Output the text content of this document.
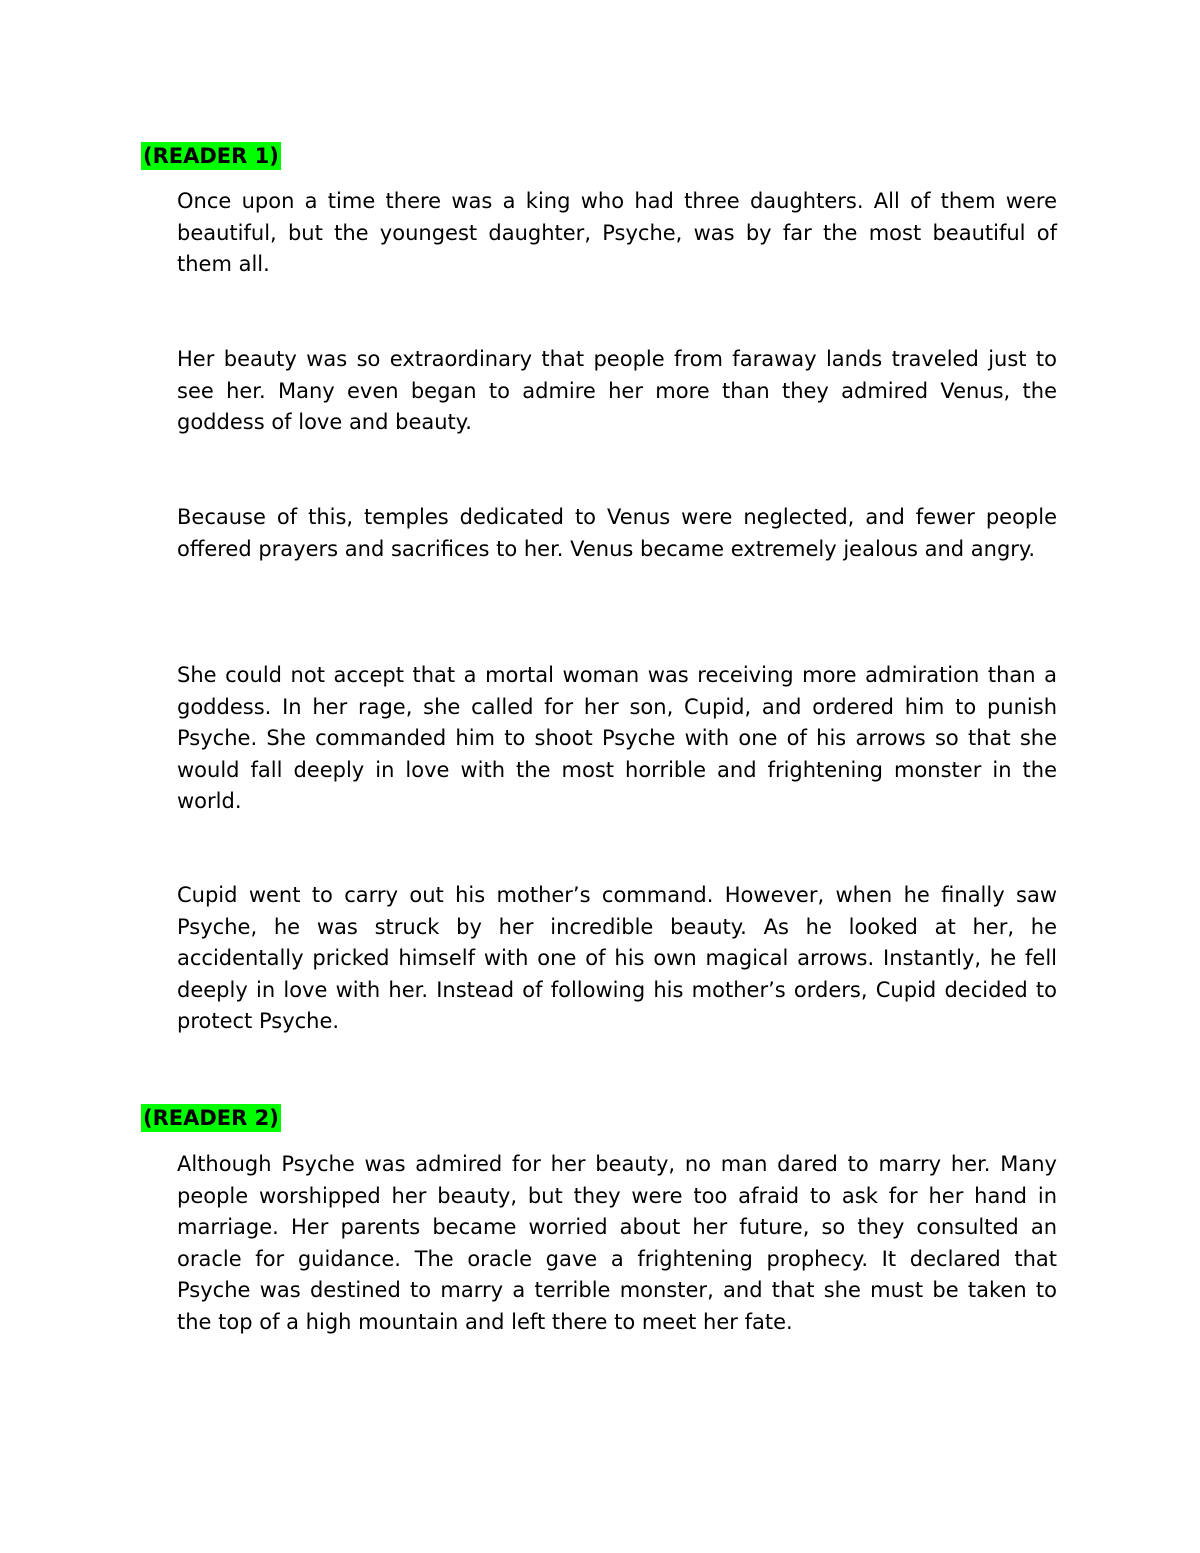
(READER 1)

Once upon a time there was a king who had three daughters. All of them were beautiful, but the youngest daughter, Psyche, was by far the most beautiful of them all.

Her beauty was so extraordinary that people from faraway lands traveled just to see her. Many even began to admire her more than they admired Venus, the goddess of love and beauty.

Because of this, temples dedicated to Venus were neglected, and fewer people offered prayers and sacrifices to her. Venus became extremely jealous and angry.

She could not accept that a mortal woman was receiving more admiration than a goddess. In her rage, she called for her son, Cupid, and ordered him to punish Psyche. She commanded him to shoot Psyche with one of his arrows so that she would fall deeply in love with the most horrible and frightening monster in the world.

Cupid went to carry out his mother’s command. However, when he finally saw Psyche, he was struck by her incredible beauty. As he looked at her, he accidentally pricked himself with one of his own magical arrows. Instantly, he fell deeply in love with her. Instead of following his mother’s orders, Cupid decided to protect Psyche.

(READER 2)

Although Psyche was admired for her beauty, no man dared to marry her. Many people worshipped her beauty, but they were too afraid to ask for her hand in marriage. Her parents became worried about her future, so they consulted an oracle for guidance. The oracle gave a frightening prophecy. It declared that Psyche was destined to marry a terrible monster, and that she must be taken to the top of a high mountain and left there to meet her fate.
